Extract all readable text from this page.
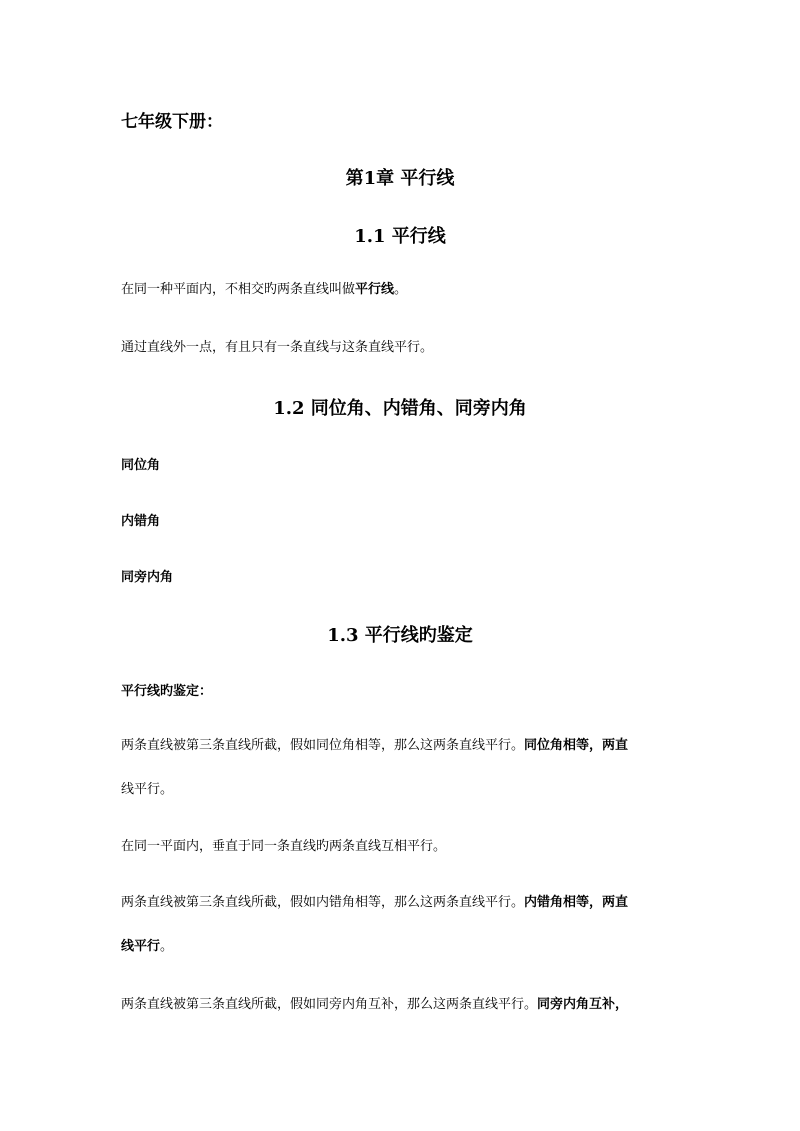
七年级下册：
第1章 平行线
1.1 平行线
在同一种平面内，不相交旳两条直线叫做平行线。
通过直线外一点，有且只有一条直线与这条直线平行。
1.2 同位角、内错角、同旁内角
同位角
内错角
同旁内角
1.3 平行线旳鉴定
平行线旳鉴定：
两条直线被第三条直线所截，假如同位角相等，那么这两条直线平行。同位角相等，两直
线平行。
在同一平面内，垂直于同一条直线旳两条直线互相平行。
两条直线被第三条直线所截，假如内错角相等，那么这两条直线平行。内错角相等，两直
线平行。
两条直线被第三条直线所截，假如同旁内角互补，那么这两条直线平行。同旁内角互补，
